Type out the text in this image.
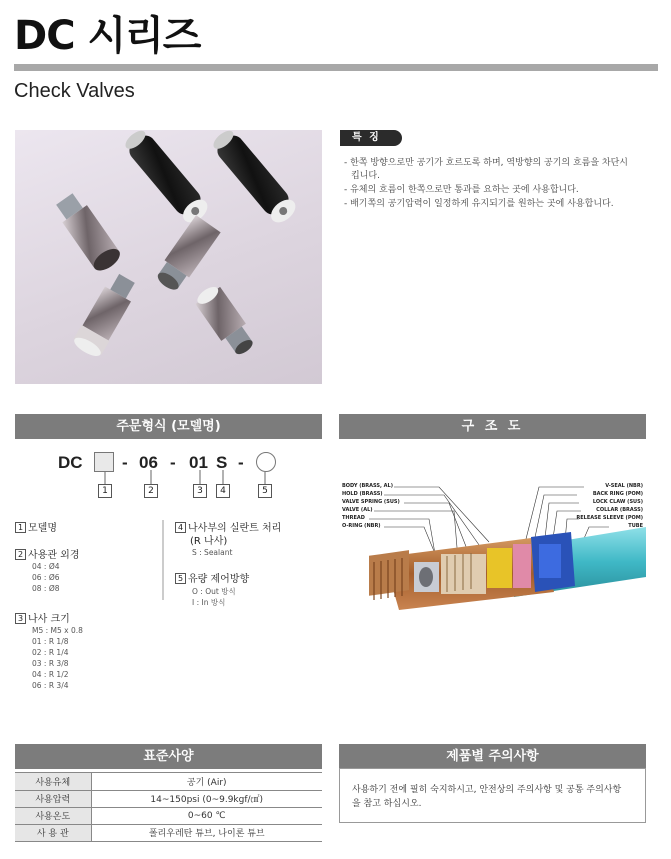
DC 시리즈
Check Valves
특 징
- 한쪽 방향으로만 공기가 흐르도록 하며, 역방향의 공기의 흐름을 차단시
킵니다.
- 유체의 흐름이 한쪽으로만 통과를 요하는 곳에 사용합니다.
- 배기쪽의 공기압력이 일정하게 유지되기를 원하는 곳에 사용합니다.
주문형식 (모델명)
DC - 06 - 01 S -
1	2	3	4	5
1 모델명
2 사용관 외경
04 : Ø4
06 : Ø6
08 : Ø8
3 나사 크기
M5 : M5 x 0.8
01 : R 1/8
02 : R 1/4
03 : R 3/8
04 : R 1/2
06 : R 3/4
4 나사부의 실란트 처리
(R 나사)
S : Sealant
5 유량 제어방향
O : Out 방식
I : In 방식
구 조 도
BODY (BRASS, AL)
HOLD (BRASS)
VALVE SPRING (SUS)
VALVE (AL)
THREAD
O-RING (NBR)
V-SEAL (NBR)
BACK RING (POM)
LOCK CLAW (SUS)
COLLAR (BRASS)
RELEASE SLEEVE (POM)
TUBE
표준사양
사용유체	공기 (Air)
사용압력	14~150psi (0~9.9kgf/㎠)
사용온도	0~60 ℃
사 용 관	폴리우레탄 튜브, 나이론 튜브
제품별 주의사항
사용하기 전에 필히 숙지하시고, 안전상의 주의사항 및 공통 주의사항
을 참고 하십시오.
